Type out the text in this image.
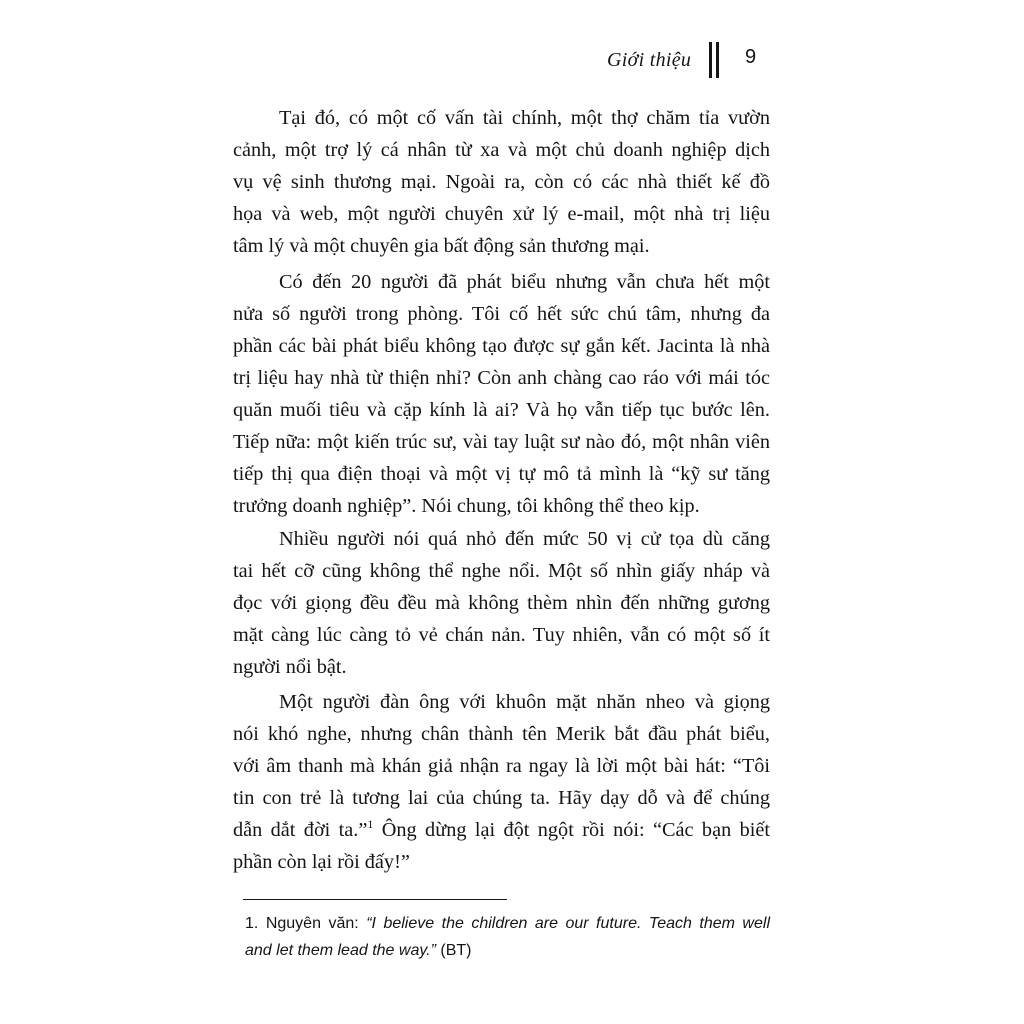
Giới thiệu	9
Tại đó, có một cố vấn tài chính, một thợ chăm tỉa vườn
cảnh, một trợ lý cá nhân từ xa và một chủ doanh nghiệp dịch
vụ vệ sinh thương mại. Ngoài ra, còn có các nhà thiết kế đồ
họa và web, một người chuyên xử lý e-mail, một nhà trị liệu
tâm lý và một chuyên gia bất động sản thương mại.
Có đến 20 người đã phát biểu nhưng vẫn chưa hết một
nửa số người trong phòng. Tôi cố hết sức chú tâm, nhưng đa
phần các bài phát biểu không tạo được sự gắn kết. Jacinta là nhà
trị liệu hay nhà từ thiện nhỉ? Còn anh chàng cao ráo với mái tóc
quăn muối tiêu và cặp kính là ai? Và họ vẫn tiếp tục bước lên.
Tiếp nữa: một kiến trúc sư, vài tay luật sư nào đó, một nhân viên
tiếp thị qua điện thoại và một vị tự mô tả mình là “kỹ sư tăng
trưởng doanh nghiệp”. Nói chung, tôi không thể theo kịp.
Nhiều người nói quá nhỏ đến mức 50 vị cử tọa dù căng
tai hết cỡ cũng không thể nghe nổi. Một số nhìn giấy nháp và
đọc với giọng đều đều mà không thèm nhìn đến những gương
mặt càng lúc càng tỏ vẻ chán nản. Tuy nhiên, vẫn có một số ít
người nổi bật.
Một người đàn ông với khuôn mặt nhăn nheo và giọng
nói khó nghe, nhưng chân thành tên Merik bắt đầu phát biểu,
với âm thanh mà khán giả nhận ra ngay là lời một bài hát: “Tôi
tin con trẻ là tương lai của chúng ta. Hãy dạy dỗ và để chúng
dẫn dắt đời ta.”$^1$ Ông dừng lại đột ngột rồi nói: “Các bạn biết
phần còn lại rồi đấy!”
1. Nguyên văn: “I believe the children are our future. Teach them well
and let them lead the way.” (BT)
